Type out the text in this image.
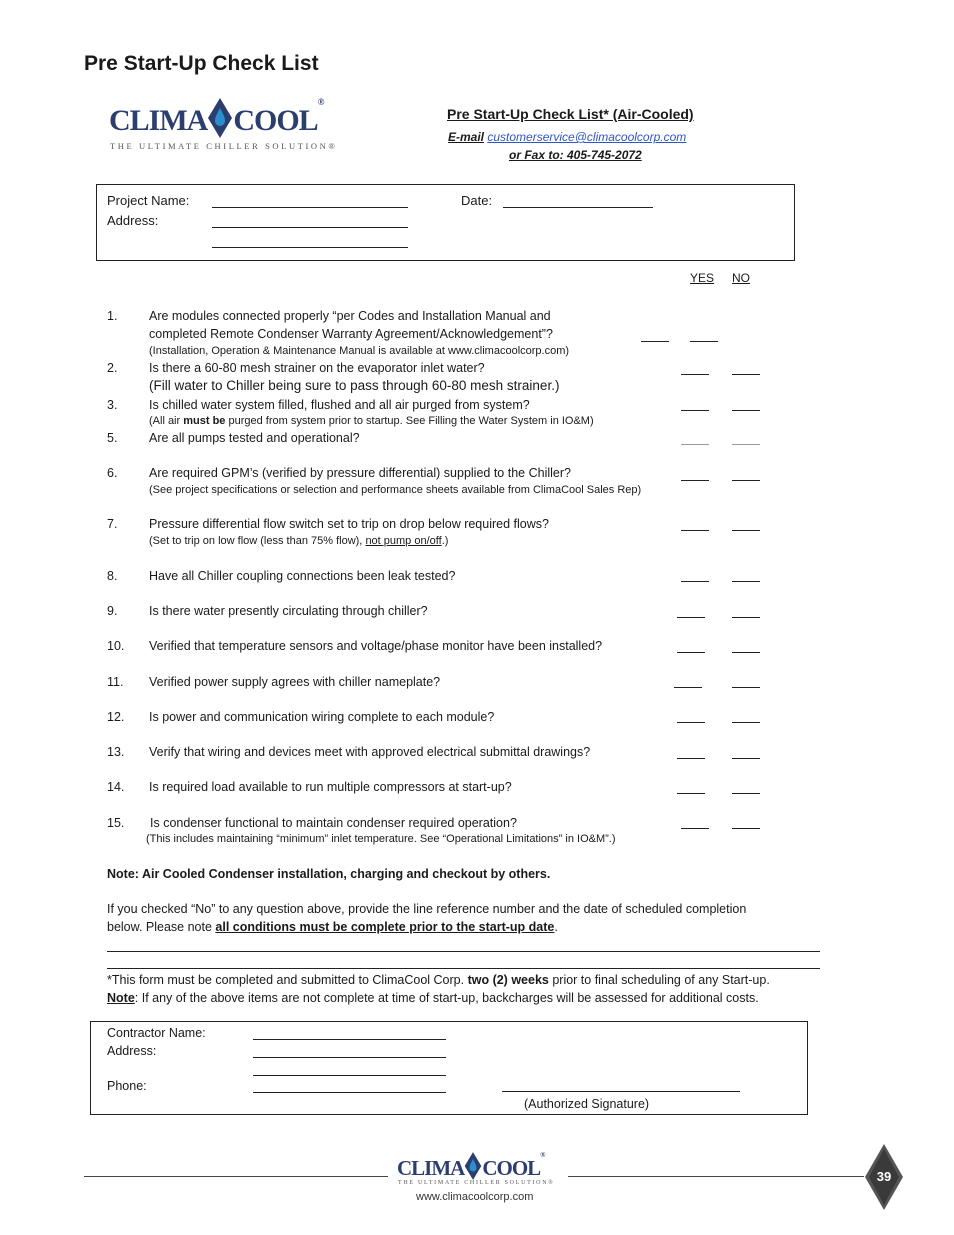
Pre Start-Up Check List
CLIMA COOL®
THE ULTIMATE CHILLER SOLUTION®
Pre Start-Up Check List* (Air-Cooled)
E-mail customerservice@climacoolcorp.com
or Fax to: 405-745-2072
Project Name:
Address:
Date:
YES NO
1.	Are modules connected properly “per Codes and Installation Manual and
completed Remote Condenser Warranty Agreement/Acknowledgement”?
(Installation, Operation & Maintenance Manual is available at www.climacoolcorp.com)
2.	Is there a 60-80 mesh strainer on the evaporator inlet water?
(Fill water to Chiller being sure to pass through 60-80 mesh strainer.)
3.	Is chilled water system filled, flushed and all air purged from system?
(All air must be purged from system prior to startup. See Filling the Water System in IO&M)
5.	Are all pumps tested and operational?
6.	Are required GPM’s (verified by pressure differential) supplied to the Chiller?
(See project specifications or selection and performance sheets available from ClimaCool Sales Rep)
7.	Pressure differential flow switch set to trip on drop below required flows?
(Set to trip on low flow (less than 75% flow), not pump on/off.)
8.	Have all Chiller coupling connections been leak tested?
9.	Is there water presently circulating through chiller?
10. Verified that temperature sensors and voltage/phase monitor have been installed?
11. Verified power supply agrees with chiller nameplate?
12. Is power and communication wiring complete to each module?
13. Verify that wiring and devices meet with approved electrical submittal drawings?
14. Is required load available to run multiple compressors at start-up?
15. Is condenser functional to maintain condenser required operation?
(This includes maintaining “minimum” inlet temperature. See “Operational Limitations” in IO&M”.)
Note: Air Cooled Condenser installation, charging and checkout by others.
If you checked “No” to any question above, provide the line reference number and the date of scheduled completion
below. Please note all conditions must be complete prior to the start-up date.
*This form must be completed and submitted to ClimaCool Corp. two (2) weeks prior to final scheduling of any Start-up.
Note: If any of the above items are not complete at time of start-up, backcharges will be assessed for additional costs.
Contractor Name:
Address:
Phone:
(Authorized Signature)
CLIMA COOL®
THE ULTIMATE CHILLER SOLUTION®
www.climacoolcorp.com
39
